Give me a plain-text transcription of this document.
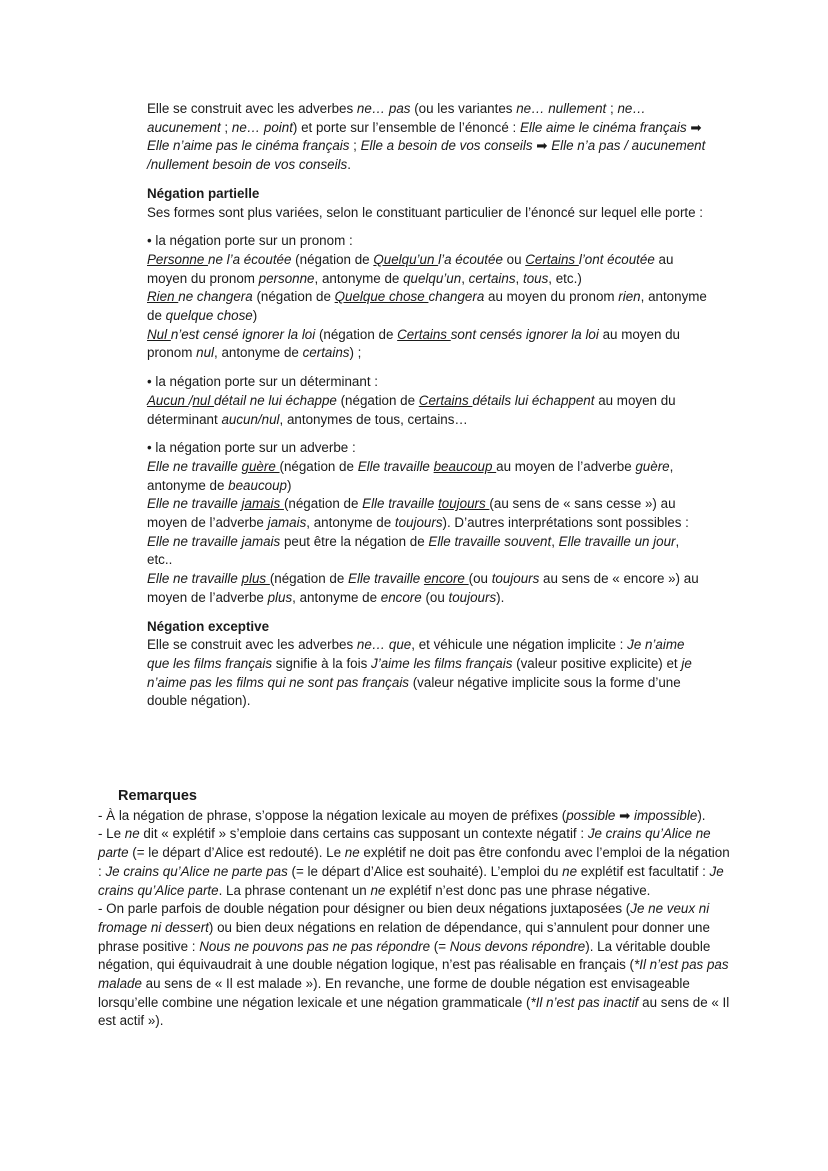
Elle se construit avec les adverbes ne… pas (ou les variantes ne… nullement ; ne… aucunement ; ne… point) et porte sur l’ensemble de l’énoncé : Elle aime le cinéma français ➡ Elle n’aime pas le cinéma français ; Elle a besoin de vos conseils ➡ Elle n’a pas / aucunement /nullement besoin de vos conseils.

Négation partielle

Ses formes sont plus variées, selon le constituant particulier de l’énoncé sur lequel elle porte :

• la négation porte sur un pronom :

Personne ne l’a écoutée (négation de Quelqu’un l’a écoutée ou Certains l’ont écoutée au moyen du pronom personne, antonyme de quelqu’un, certains, tous, etc.)

Rien ne changera (négation de Quelque chose changera au moyen du pronom rien, antonyme de quelque chose)

Nul n’est censé ignorer la loi (négation de Certains sont censés ignorer la loi au moyen du pronom nul, antonyme de certains) ;

• la négation porte sur un déterminant :

Aucun /nul détail ne lui échappe (négation de Certains détails lui échappent au moyen du déterminant aucun/nul, antonymes de tous, certains…

• la négation porte sur un adverbe :

Elle ne travaille guère (négation de Elle travaille beaucoup au moyen de l’adverbe guère, antonyme de beaucoup)

Elle ne travaille jamais (négation de Elle travaille toujours (au sens de « sans cesse ») au moyen de l’adverbe jamais, antonyme de toujours). D’autres interprétations sont possibles : Elle ne travaille jamais peut être la négation de Elle travaille souvent, Elle travaille un jour, etc..

Elle ne travaille plus (négation de Elle travaille encore (ou toujours au sens de « encore ») au moyen de l’adverbe plus, antonyme de encore (ou toujours).

Négation exceptive

Elle se construit avec les adverbes ne… que, et véhicule une négation implicite : Je n’aime que les films français signifie à la fois J’aime les films français (valeur positive explicite) et je n’aime pas les films qui ne sont pas français (valeur négative implicite sous la forme d’une double négation).

Remarques

- À la négation de phrase, s’oppose la négation lexicale au moyen de préfixes (possible ➡ impossible).

- Le ne dit « explétif » s’emploie dans certains cas supposant un contexte négatif : Je crains qu’Alice ne parte (= le départ d’Alice est redouté). Le ne explétif ne doit pas être confondu avec l’emploi de la négation : Je crains qu’Alice ne parte pas (= le départ d’Alice est souhaité). L’emploi du ne explétif est facultatif : Je crains qu’Alice parte. La phrase contenant un ne explétif n’est donc pas une phrase négative.

- On parle parfois de double négation pour désigner ou bien deux négations juxtaposées (Je ne veux ni fromage ni dessert) ou bien deux négations en relation de dépendance, qui s’annulent pour donner une phrase positive : Nous ne pouvons pas ne pas répondre (= Nous devons répondre). La véritable double négation, qui équivaudrait à une double négation logique, n’est pas réalisable en français (*Il n’est pas pas malade au sens de « Il est malade »). En revanche, une forme de double négation est envisageable lorsqu’elle combine une négation lexicale et une négation grammaticale (*Il n’est pas inactif au sens de « Il est actif »).
